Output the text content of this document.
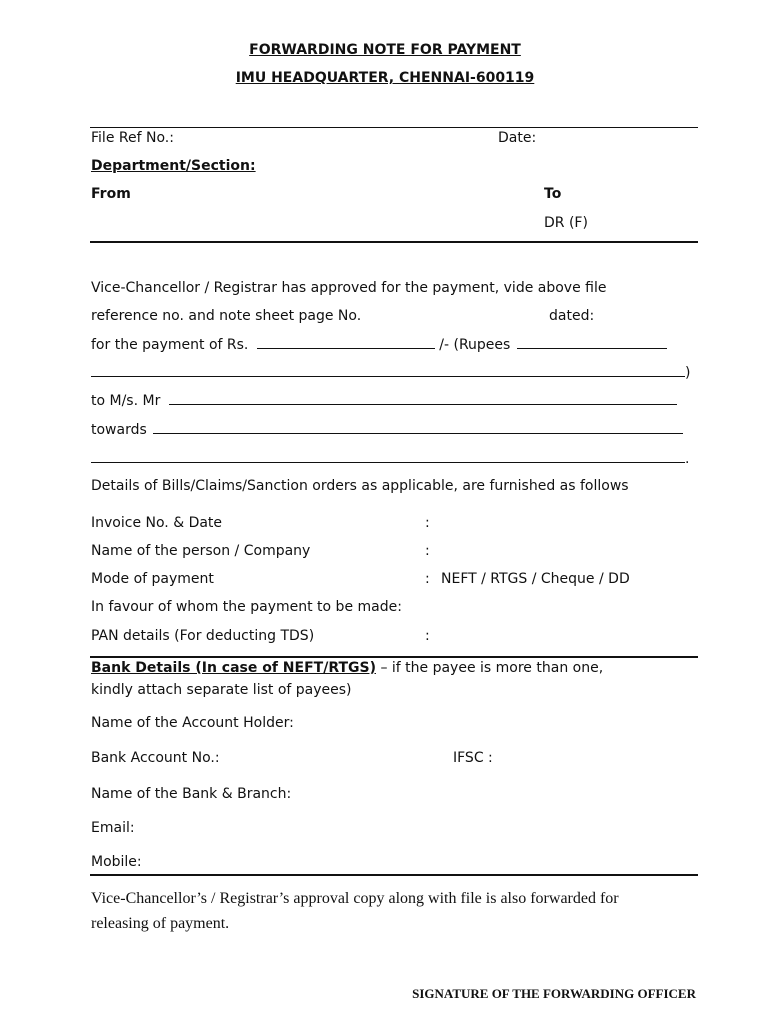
FORWARDING NOTE FOR PAYMENT
IMU HEADQUARTER, CHENNAI-600119
File Ref No.:	Date:
Department/Section:
From	To
DR (F)
Vice-Chancellor / Registrar has approved for the payment, vide above file
reference no. and note sheet page No.	dated:
for the payment of Rs.	/- (Rupees
)
to M/s. Mr
towards
.
Details of Bills/Claims/Sanction orders as applicable, are furnished as follows
Invoice No. & Date	:
Name of the person / Company	:
Mode of payment	: NEFT / RTGS / Cheque / DD
In favour of whom the payment to be made:
PAN details (For deducting TDS)	:
Bank Details (In case of NEFT/RTGS) – if the payee is more than one,
kindly attach separate list of payees)
Name of the Account Holder:
Bank Account No.:	IFSC :
Name of the Bank & Branch:
Email:
Mobile:
Vice-Chancellor’s / Registrar’s approval copy along with file is also forwarded for
releasing of payment.
SIGNATURE OF THE FORWARDING OFFICER
